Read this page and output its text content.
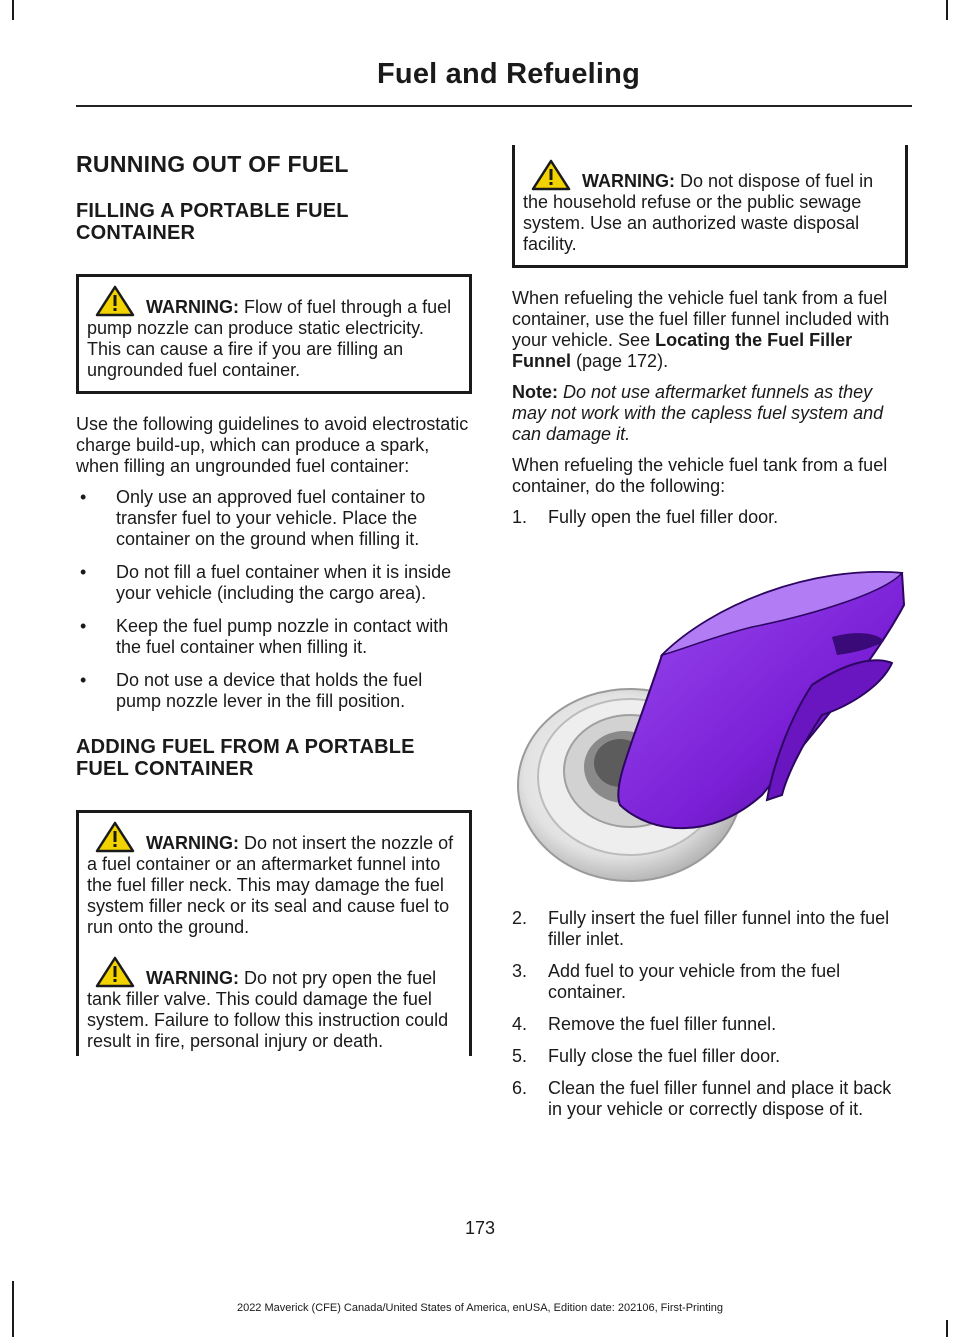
Fuel and Refueling
RUNNING OUT OF FUEL
FILLING A PORTABLE FUEL CONTAINER
WARNING: Flow of fuel through a fuel pump nozzle can produce static electricity. This can cause a fire if you are filling an ungrounded fuel container.

Use the following guidelines to avoid electrostatic charge build-up, which can produce a spark, when filling an ungrounded fuel container:

• Only use an approved fuel container to transfer fuel to your vehicle. Place the container on the ground when filling it.
• Do not fill a fuel container when it is inside your vehicle (including the cargo area).
• Keep the fuel pump nozzle in contact with the fuel container when filling it.
• Do not use a device that holds the fuel pump nozzle lever in the fill position.
ADDING FUEL FROM A PORTABLE FUEL CONTAINER
WARNING: Do not insert the nozzle of a fuel container or an aftermarket funnel into the fuel filler neck. This may damage the fuel system filler neck or its seal and cause fuel to run onto the ground.
WARNING: Do not pry open the fuel tank filler valve. This could damage the fuel system. Failure to follow this instruction could result in fire, personal injury or death.
WARNING: Do not dispose of fuel in the household refuse or the public sewage system. Use an authorized waste disposal facility.

When refueling the vehicle fuel tank from a fuel container, use the fuel filler funnel included with your vehicle. See Locating the Fuel Filler Funnel (page 172).

Note: Do not use aftermarket funnels as they may not work with the capless fuel system and can damage it.

When refueling the vehicle fuel tank from a fuel container, do the following:

1. Fully open the fuel filler door.
2. Fully insert the fuel filler funnel into the fuel filler inlet.
3. Add fuel to your vehicle from the fuel container.
4. Remove the fuel filler funnel.
5. Fully close the fuel filler door.
6. Clean the fuel filler funnel and place it back in your vehicle or correctly dispose of it.
173
2022 Maverick (CFE) Canada/United States of America, enUSA, Edition date: 202106, First-Printing
